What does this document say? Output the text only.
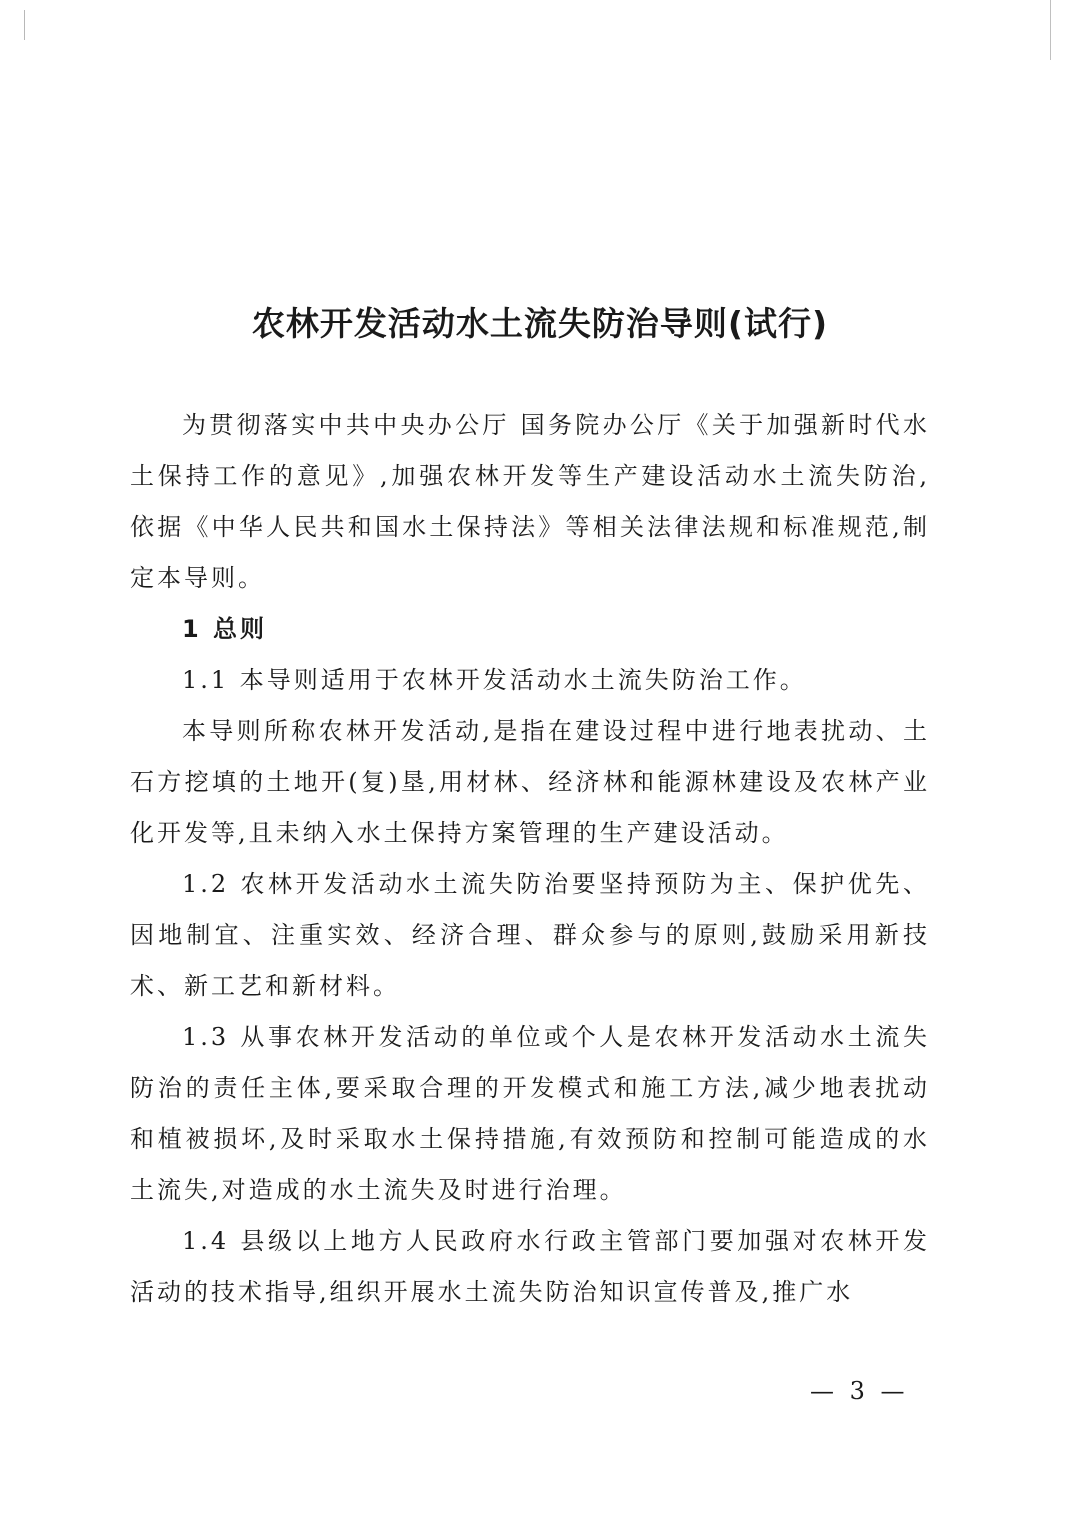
农林开发活动水土流失防治导则(试行)

为贯彻落实中共中央办公厅 国务院办公厅《关于加强新时代水土保持工作的意见》,加强农林开发等生产建设活动水土流失防治,依据《中华人民共和国水土保持法》等相关法律法规和标准规范,制定本导则。

1 总则

1.1 本导则适用于农林开发活动水土流失防治工作。

本导则所称农林开发活动,是指在建设过程中进行地表扰动、土石方挖填的土地开(复)垦,用材林、经济林和能源林建设及农林产业化开发等,且未纳入水土保持方案管理的生产建设活动。

1.2 农林开发活动水土流失防治要坚持预防为主、保护优先、因地制宜、注重实效、经济合理、群众参与的原则,鼓励采用新技术、新工艺和新材料。

1.3 从事农林开发活动的单位或个人是农林开发活动水土流失防治的责任主体,要采取合理的开发模式和施工方法,减少地表扰动和植被损坏,及时采取水土保持措施,有效预防和控制可能造成的水土流失,对造成的水土流失及时进行治理。

1.4 县级以上地方人民政府水行政主管部门要加强对农林开发活动的技术指导,组织开展水土流失防治知识宣传普及,推广水

— 3 —
